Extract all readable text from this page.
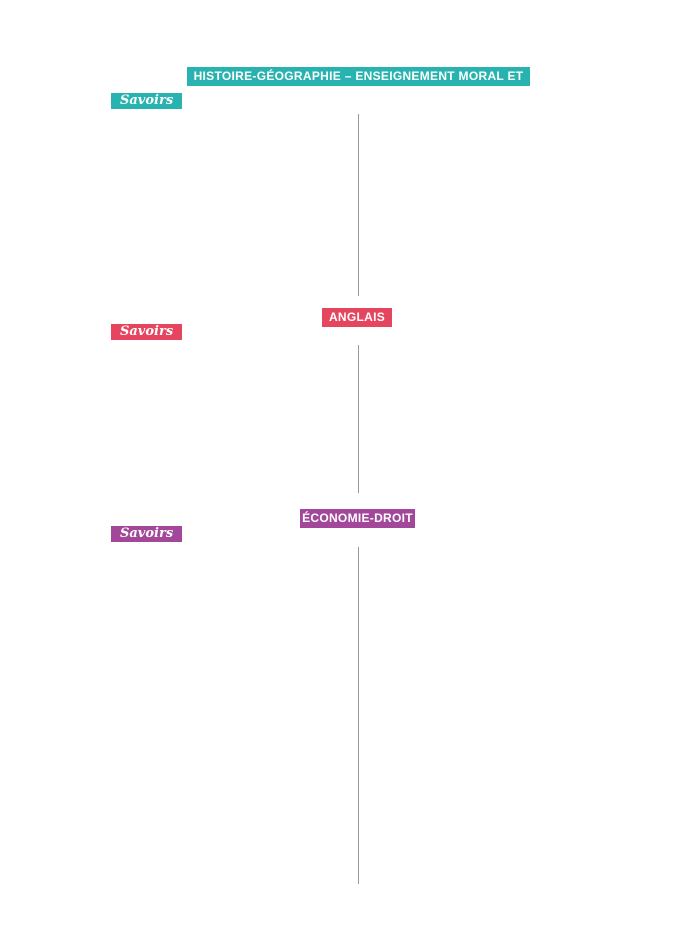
HISTOIRE-GÉOGRAPHIE – ENSEIGNEMENT MORAL ET CIVIQUE
Savoirs
ANGLAIS
Savoirs
ÉCONOMIE-DROIT
Savoirs
